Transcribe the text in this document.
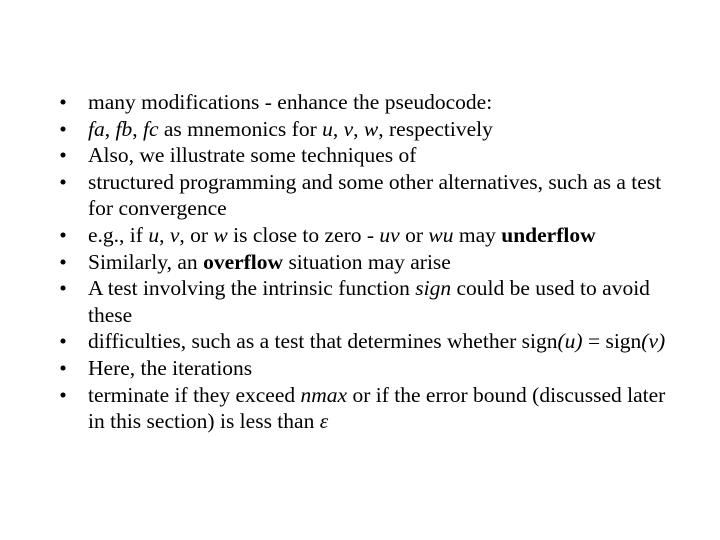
• many modifications - enhance the pseudocode:
• fa, fb, fc as mnemonics for u, v, w, respectively
• Also, we illustrate some techniques of
• structured programming and some other alternatives, such as a test for convergence
• e.g., if u, v, or w is close to zero - uv or wu may underflow
• Similarly, an overflow situation may arise
• A test involving the intrinsic function sign could be used to avoid these
• difficulties, such as a test that determines whether sign(u) = sign(v)
• Here, the iterations
• terminate if they exceed nmax or if the error bound (discussed later in this section) is less than ε
